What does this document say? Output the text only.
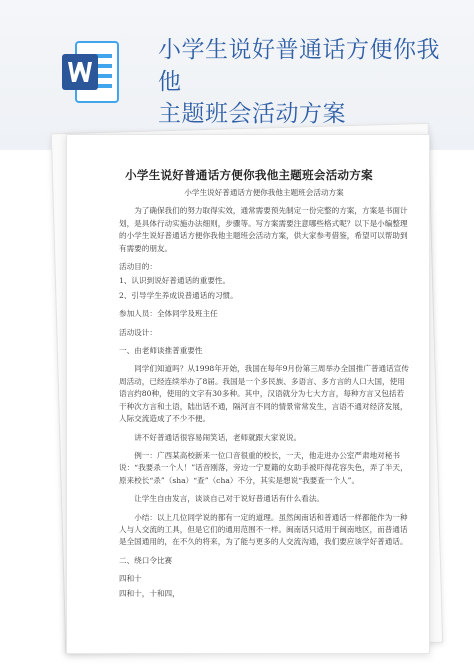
小学生说好普通话方便你我他
主题班会活动方案
小学生说好普通话方便你我他主题班会活动方案

小学生说好普通话方便你我他主题班会活动方案

为了确保我们的努力取得实效，通常需要预先制定一份完整的方案，方案是书面计划，是具体行动实施办法细则，步骤等。写方案需要注意哪些格式呢？以下是小编整理的小学生说好普通话方便你我他主题班会活动方案，供大家参考借鉴，希望可以帮助到有需要的朋友。

活动目的：

1、认识到说好普通话的重要性。

2、引导学生养成说普通话的习惯。

参加人员：全体同学及班主任

活动设计：

一、由老师谈推普重要性

同学们知道吗？从1998年开始，我国在每年9月份第三周举办全国推广普通话宣传周活动，已经连续举办了8届。我国是一个多民族、多语言、多方言的人口大国，使用语言约80种，使用的文字有30多种。其中，汉语就分为七大方言，每种方言又包括若干种次方言和土语，陆出话不通，隔河言不同的情景常常发生，言语不通对经济发展，人际交流造成了不少不便。

讲不好普通话很容易闹笑话，老师就跟大家说说。

例一：广西某高校新来一位口音很重的校长，一天，他走进办公室严肃地对秘书说：“我要杀一个人！”话音刚落，旁边一宁夏籍的女助手被吓得花容失色，弄了半天，原来校长“杀”（sha）“查”（cha）不分，其实是想说“我要查一个人”。

让学生自由发言，谈谈自己对于说好普通话有什么看法。

小结：以上几位同学说的都有一定的道理。虽然闽南话和普通话一样都能作为一种人与人交流的工具，但是它们的通用范围不一样。闽南话只适用于闽南地区，而普通话是全国通用的，在不久的将来，为了能与更多的人交流沟通，我们要应该学好普通话。

二、绕口令比赛

四和十

四和十，十和四，
